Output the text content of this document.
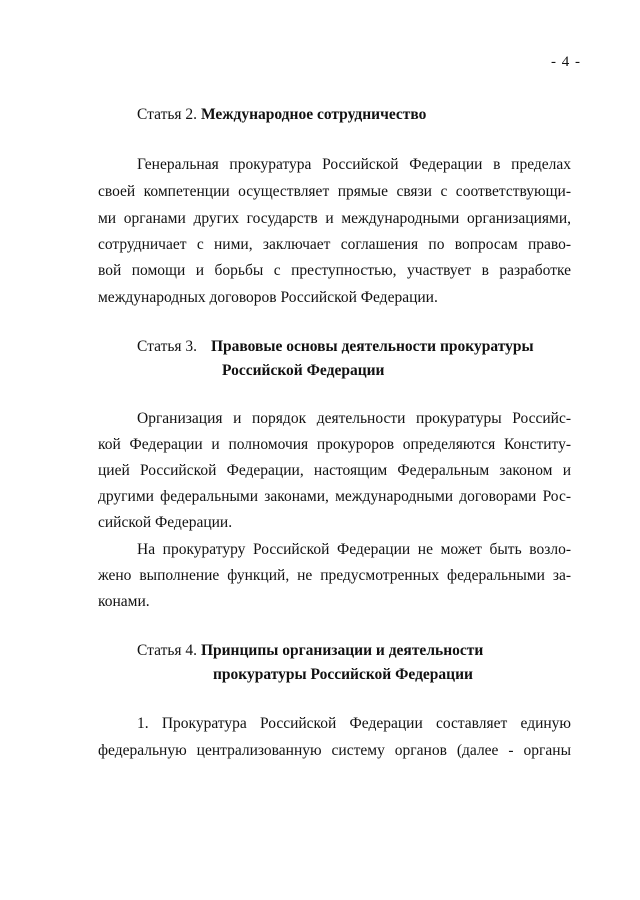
- 4 -
Статья 2. Международное сотрудничество
Генеральная прокуратура Российской Федерации в пределах
своей компетенции осуществляет прямые связи с соответствующи-
ми органами других государств и международными организациями,
сотрудничает с ними, заключает соглашения по вопросам право-
вой помощи и борьбы с преступностью, участвует в разработке
международных договоров Российской Федерации.
Статья 3. Правовые основы деятельности прокуратуры
Российской Федерации
Организация и порядок деятельности прокуратуры Российс-
кой Федерации и полномочия прокуроров определяются Конститу-
цией Российской Федерации, настоящим Федеральным законом и
другими федеральными законами, международными договорами Рос-
сийской Федерации.
На прокуратуру Российской Федерации не может быть возло-
жено выполнение функций, не предусмотренных федеральными за-
конами.
Статья 4. Принципы организации и деятельности
прокуратуры Российской Федерации
1. Прокуратура Российской Федерации составляет единую
федеральную централизованную систему органов (далее - органы
